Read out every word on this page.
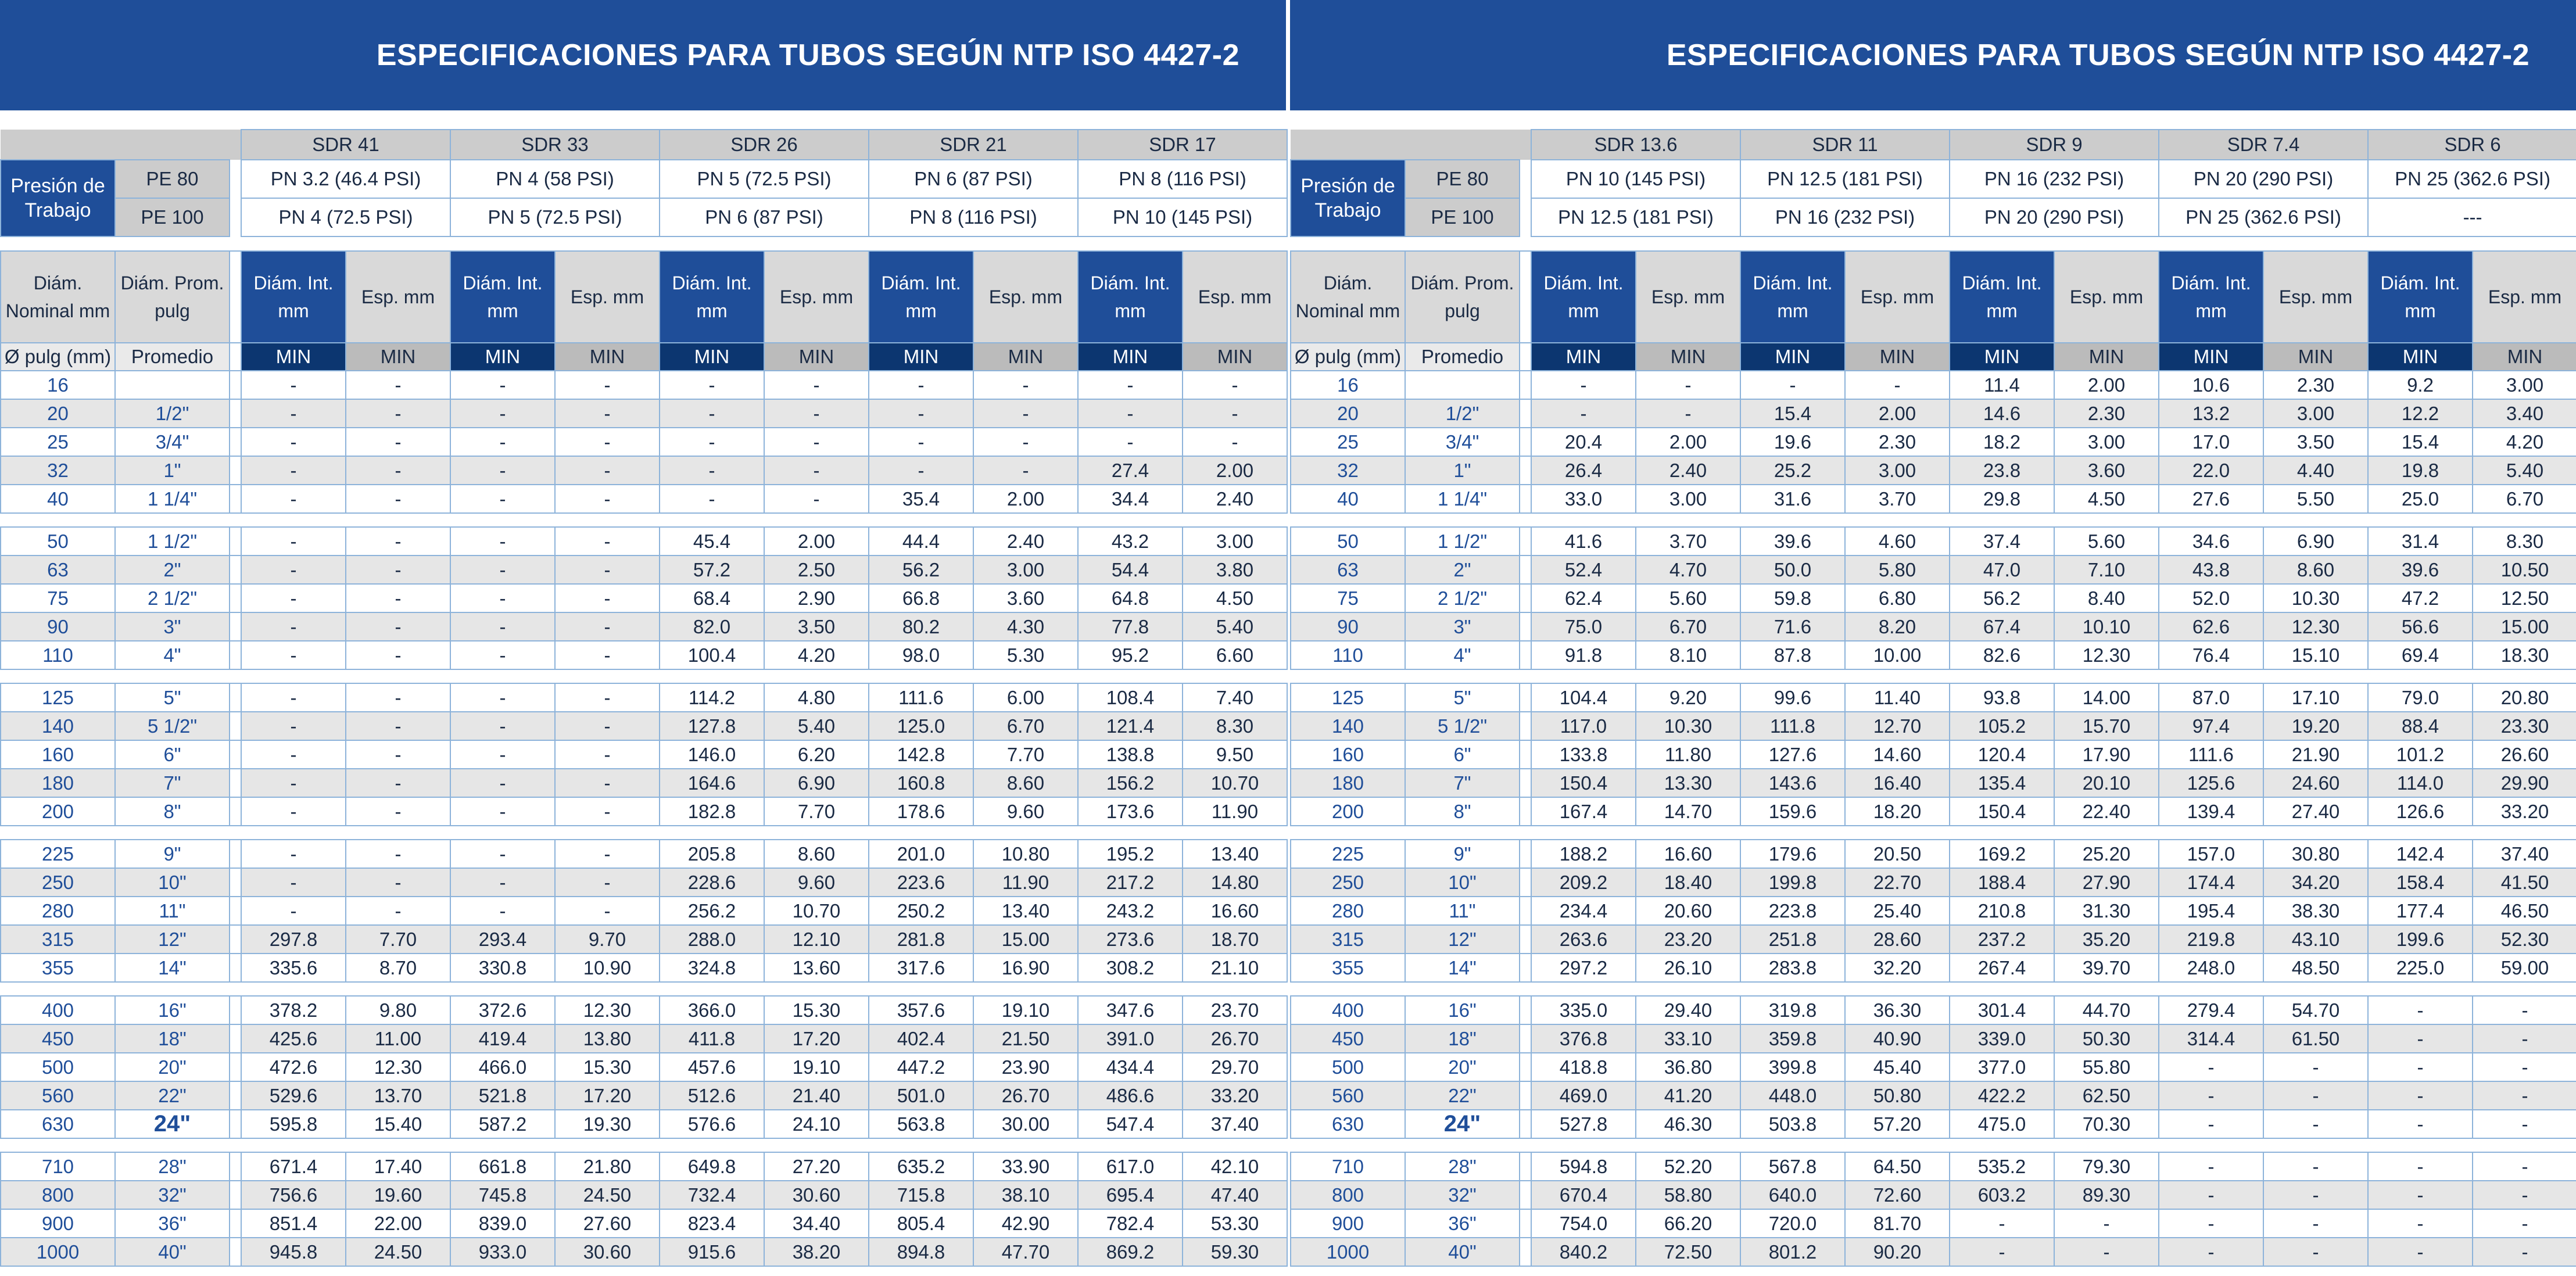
ESPECIFICACIONES PARA TUBOS SEGÚN NTP ISO 4427-2
			SDR 41	SDR 33	SDR 26	SDR 21	SDR 17
Presión de Trabajo	PE 80		PN 3.2 (46.4 PSI)	PN 4 (58 PSI)	PN 5 (72.5 PSI)	PN 6 (87 PSI)	PN 8 (116 PSI)
	PE 100		PN 4 (72.5 PSI)	PN 5 (72.5 PSI)	PN 6 (87 PSI)	PN 8 (116 PSI)	PN 10 (145 PSI)
Diám. Nominal mm	Diám. Prom. pulg		Diám. Int. mm	Esp. mm	Diám. Int. mm	Esp. mm	Diám. Int. mm	Esp. mm	Diám. Int. mm	Esp. mm	Diám. Int. mm	Esp. mm
Ø pulg (mm)	Promedio		MIN	MIN	MIN	MIN	MIN	MIN	MIN	MIN	MIN	MIN
16			-	-	-	-	-	-	-	-	-	-
20	1/2"		-	-	-	-	-	-	-	-	-	-
25	3/4"		-	-	-	-	-	-	-	-	-	-
32	1"		-	-	-	-	-	-	-	-	27.4	2.00
40	1 1/4"		-	-	-	-	-	-	35.4	2.00	34.4	2.40

50	1 1/2"		-	-	-	-	45.4	2.00	44.4	2.40	43.2	3.00
63	2"		-	-	-	-	57.2	2.50	56.2	3.00	54.4	3.80
75	2 1/2"		-	-	-	-	68.4	2.90	66.8	3.60	64.8	4.50
90	3"		-	-	-	-	82.0	3.50	80.2	4.30	77.8	5.40
110	4"		-	-	-	-	100.4	4.20	98.0	5.30	95.2	6.60

125	5"		-	-	-	-	114.2	4.80	111.6	6.00	108.4	7.40
140	5 1/2"		-	-	-	-	127.8	5.40	125.0	6.70	121.4	8.30
160	6"		-	-	-	-	146.0	6.20	142.8	7.70	138.8	9.50
180	7"		-	-	-	-	164.6	6.90	160.8	8.60	156.2	10.70
200	8"		-	-	-	-	182.8	7.70	178.6	9.60	173.6	11.90

225	9"		-	-	-	-	205.8	8.60	201.0	10.80	195.2	13.40
250	10"		-	-	-	-	228.6	9.60	223.6	11.90	217.2	14.80
280	11"		-	-	-	-	256.2	10.70	250.2	13.40	243.2	16.60
315	12"		297.8	7.70	293.4	9.70	288.0	12.10	281.8	15.00	273.6	18.70
355	14"		335.6	8.70	330.8	10.90	324.8	13.60	317.6	16.90	308.2	21.10

400	16"		378.2	9.80	372.6	12.30	366.0	15.30	357.6	19.10	347.6	23.70
450	18"		425.6	11.00	419.4	13.80	411.8	17.20	402.4	21.50	391.0	26.70
500	20"		472.6	12.30	466.0	15.30	457.6	19.10	447.2	23.90	434.4	29.70
560	22"		529.6	13.70	521.8	17.20	512.6	21.40	501.0	26.70	486.6	33.20
630	24"		595.8	15.40	587.2	19.30	576.6	24.10	563.8	30.00	547.4	37.40

710	28"		671.4	17.40	661.8	21.80	649.8	27.20	635.2	33.90	617.0	42.10
800	32"		756.6	19.60	745.8	24.50	732.4	30.60	715.8	38.10	695.4	47.40
900	36"		851.4	22.00	839.0	27.60	823.4	34.40	805.4	42.90	782.4	53.30
1000	40"		945.8	24.50	933.0	30.60	915.6	38.20	894.8	47.70	869.2	59.30
ESPECIFICACIONES PARA TUBOS SEGÚN NTP ISO 4427-2
			SDR 13.6	SDR 11	SDR 9	SDR 7.4	SDR 6
Presión de Trabajo	PE 80		PN 10 (145 PSI)	PN 12.5 (181 PSI)	PN 16 (232 PSI)	PN 20 (290 PSI)	PN 25 (362.6 PSI)
	PE 100		PN 12.5 (181 PSI)	PN 16 (232 PSI)	PN 20 (290 PSI)	PN 25 (362.6 PSI)	---
Diám. Nominal mm	Diám. Prom. pulg		Diám. Int. mm	Esp. mm	Diám. Int. mm	Esp. mm	Diám. Int. mm	Esp. mm	Diám. Int. mm	Esp. mm	Diám. Int. mm	Esp. mm
Ø pulg (mm)	Promedio		MIN	MIN	MIN	MIN	MIN	MIN	MIN	MIN	MIN	MIN
16			-	-	-	-	11.4	2.00	10.6	2.30	9.2	3.00
20	1/2"		-	-	15.4	2.00	14.6	2.30	13.2	3.00	12.2	3.40
25	3/4"		20.4	2.00	19.6	2.30	18.2	3.00	17.0	3.50	15.4	4.20
32	1"		26.4	2.40	25.2	3.00	23.8	3.60	22.0	4.40	19.8	5.40
40	1 1/4"		33.0	3.00	31.6	3.70	29.8	4.50	27.6	5.50	25.0	6.70

50	1 1/2"		41.6	3.70	39.6	4.60	37.4	5.60	34.6	6.90	31.4	8.30
63	2"		52.4	4.70	50.0	5.80	47.0	7.10	43.8	8.60	39.6	10.50
75	2 1/2"		62.4	5.60	59.8	6.80	56.2	8.40	52.0	10.30	47.2	12.50
90	3"		75.0	6.70	71.6	8.20	67.4	10.10	62.6	12.30	56.6	15.00
110	4"		91.8	8.10	87.8	10.00	82.6	12.30	76.4	15.10	69.4	18.30

125	5"		104.4	9.20	99.6	11.40	93.8	14.00	87.0	17.10	79.0	20.80
140	5 1/2"		117.0	10.30	111.8	12.70	105.2	15.70	97.4	19.20	88.4	23.30
160	6"		133.8	11.80	127.6	14.60	120.4	17.90	111.6	21.90	101.2	26.60
180	7"		150.4	13.30	143.6	16.40	135.4	20.10	125.6	24.60	114.0	29.90
200	8"		167.4	14.70	159.6	18.20	150.4	22.40	139.4	27.40	126.6	33.20

225	9"		188.2	16.60	179.6	20.50	169.2	25.20	157.0	30.80	142.4	37.40
250	10"		209.2	18.40	199.8	22.70	188.4	27.90	174.4	34.20	158.4	41.50
280	11"		234.4	20.60	223.8	25.40	210.8	31.30	195.4	38.30	177.4	46.50
315	12"		263.6	23.20	251.8	28.60	237.2	35.20	219.8	43.10	199.6	52.30
355	14"		297.2	26.10	283.8	32.20	267.4	39.70	248.0	48.50	225.0	59.00

400	16"		335.0	29.40	319.8	36.30	301.4	44.70	279.4	54.70	-	-
450	18"		376.8	33.10	359.8	40.90	339.0	50.30	314.4	61.50	-	-
500	20"		418.8	36.80	399.8	45.40	377.0	55.80	-	-	-	-
560	22"		469.0	41.20	448.0	50.80	422.2	62.50	-	-	-	-
630	24"		527.8	46.30	503.8	57.20	475.0	70.30	-	-	-	-

710	28"		594.8	52.20	567.8	64.50	535.2	79.30	-	-	-	-
800	32"		670.4	58.80	640.0	72.60	603.2	89.30	-	-	-	-
900	36"		754.0	66.20	720.0	81.70	-	-	-	-	-	-
1000	40"		840.2	72.50	801.2	90.20	-	-	-	-	-	-
